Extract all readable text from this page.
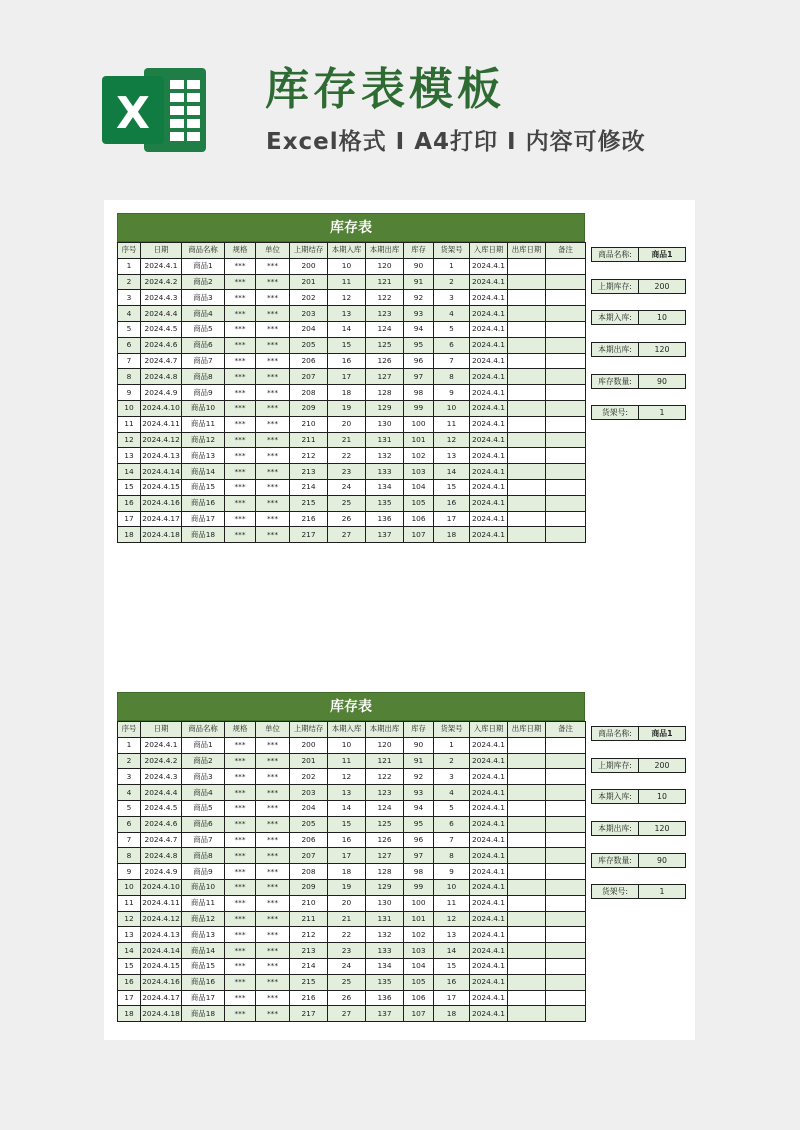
X	库存表模板
Excel格式 I A4打印 I 内容可修改
库存表
序号	日期	商品名称	规格	单位	上期结存	本期入库	本期出库	库存	货架号	入库日期	出库日期	备注
1	2024.4.1	商品1	***	***	200	10	120	90	1	2024.4.1		
2	2024.4.2	商品2	***	***	201	11	121	91	2	2024.4.1		
3	2024.4.3	商品3	***	***	202	12	122	92	3	2024.4.1		
4	2024.4.4	商品4	***	***	203	13	123	93	4	2024.4.1		
5	2024.4.5	商品5	***	***	204	14	124	94	5	2024.4.1		
6	2024.4.6	商品6	***	***	205	15	125	95	6	2024.4.1		
7	2024.4.7	商品7	***	***	206	16	126	96	7	2024.4.1		
8	2024.4.8	商品8	***	***	207	17	127	97	8	2024.4.1		
9	2024.4.9	商品9	***	***	208	18	128	98	9	2024.4.1		
10	2024.4.10	商品10	***	***	209	19	129	99	10	2024.4.1		
11	2024.4.11	商品11	***	***	210	20	130	100	11	2024.4.1		
12	2024.4.12	商品12	***	***	211	21	131	101	12	2024.4.1		
13	2024.4.13	商品13	***	***	212	22	132	102	13	2024.4.1		
14	2024.4.14	商品14	***	***	213	23	133	103	14	2024.4.1		
15	2024.4.15	商品15	***	***	214	24	134	104	15	2024.4.1		
16	2024.4.16	商品16	***	***	215	25	135	105	16	2024.4.1		
17	2024.4.17	商品17	***	***	216	26	136	106	17	2024.4.1		
18	2024.4.18	商品18	***	***	217	27	137	107	18	2024.4.1		
商品名称:	商品1
上期库存:	200
本期入库:	10
本期出库:	120
库存数量:	90
货架号:	1
库存表
序号	日期	商品名称	规格	单位	上期结存	本期入库	本期出库	库存	货架号	入库日期	出库日期	备注
1	2024.4.1	商品1	***	***	200	10	120	90	1	2024.4.1		
2	2024.4.2	商品2	***	***	201	11	121	91	2	2024.4.1		
3	2024.4.3	商品3	***	***	202	12	122	92	3	2024.4.1		
4	2024.4.4	商品4	***	***	203	13	123	93	4	2024.4.1		
5	2024.4.5	商品5	***	***	204	14	124	94	5	2024.4.1		
6	2024.4.6	商品6	***	***	205	15	125	95	6	2024.4.1		
7	2024.4.7	商品7	***	***	206	16	126	96	7	2024.4.1		
8	2024.4.8	商品8	***	***	207	17	127	97	8	2024.4.1		
9	2024.4.9	商品9	***	***	208	18	128	98	9	2024.4.1		
10	2024.4.10	商品10	***	***	209	19	129	99	10	2024.4.1		
11	2024.4.11	商品11	***	***	210	20	130	100	11	2024.4.1		
12	2024.4.12	商品12	***	***	211	21	131	101	12	2024.4.1		
13	2024.4.13	商品13	***	***	212	22	132	102	13	2024.4.1		
14	2024.4.14	商品14	***	***	213	23	133	103	14	2024.4.1		
15	2024.4.15	商品15	***	***	214	24	134	104	15	2024.4.1		
16	2024.4.16	商品16	***	***	215	25	135	105	16	2024.4.1		
17	2024.4.17	商品17	***	***	216	26	136	106	17	2024.4.1		
18	2024.4.18	商品18	***	***	217	27	137	107	18	2024.4.1		
商品名称:	商品1
上期库存:	200
本期入库:	10
本期出库:	120
库存数量:	90
货架号:	1
